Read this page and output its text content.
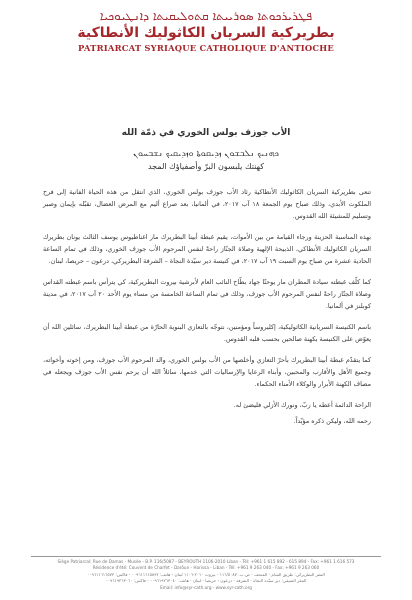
ܦܛܪܝܪܟܘܬܐ ܣܘܪܝܝܬܐ ܩܬܘܠܝܩܝܬܐ ܕܐܢܛܝܘܟܝܐ
بطريركية السريان الكاثوليك الأنطاكية
PATRIARCAT SYRIAQUE CATHOLIQUE D'ANTIOCHE
الأب جوزف بولس الخوري في ذمّة الله
ܟܗܢܝܟ ܢܠܒܫܘܢ ܙܕܝܩܘܬܐ ܘܙܕܝܩܝܟ ܢܫܒܚܘܢ
كهنتك يلبسون البرّ وأصفياؤك المجد

تنعى بطريركية السريان الكاثوليك الأنطاكية رئاد الأب جوزف بولس الخوري، الذي انتقل من هذه الحياة الفانية إلى فرح الملكوت الأبدي، وذلك صباح يوم الجمعة ١٨ آب ٢٠١٧، في ألمانيا، بعد صراع أليم مع المرض العضال، تقبّله بإيمان وصبر وتسليم للمشيئة الله القدوس.

بهذه المناسبة الحزينة ورجاء القيامة من بين الأموات، يقيم غبطة أبينا البطريرك مار اغناطيوس يوسف الثالث يونان بطريرك السريان الكاثوليك الأنطاكي، الذبيحة الإلهية وصلاة الجنّاز راحةً لنفس المرحوم الأب جوزف الخوري، وذلك في تمام الساعة الحادية عشرة من صباح يوم السبت ١٩ آب ٢٠١٧، في كنيسة دير سيّدة النجاة – الشرفة البطريركي، درعون – حريصا، لبنان.

كما كلّف غبطته سيادة المطران مار يوحنّا جهاد بطّاح النائب العام لأبرشية بيروت البطريركية، كي يترأس باسم غبطته القداس وصلاة الجنّاز راحةً لنفس المرحوم الأب جوزف، وذلك في تمام الساعة الخامسة من مساء يوم الأحد ٢٠ آب ٢٠١٧، في مدينة كوبلنز في ألمانيا.

باسم الكنيسة السريانية الكاثوليكية، إكليروساً ومؤمنين، نتوجّه بالتعازي البنوية الحارّة من غبطة أبينا البطريرك، سائلين الله أن يعوّض على الكنيسة بكهنة صالحين بحسب قلبه القدوس.

كما يتقدّم غبطة أبينا البطريرك بأحرّ التعازي وأخلصها من الأب بولس الخوري، والد المرحوم الأب جوزف، ومن إخوته وأخواته، وجميع الأهل والأقارب والمحبين، وأبناء الرعايا والإرساليات التي خدمها، سائلاً الله أن يرحم نفس الأب جوزف ويجعله في مصاف الكهنة الأبرار والوكلاء الأمناء الحكماء.

الراحة الدائمة أعطه يا ربّ، ونورك الأزلي فليضئ له.

رحمه الله، وليكن ذكره مؤبّداً.

Siège Patriarcal: Rue de Damas - Musée - B.P. 116/5087 - BEYROUTH 1106-2010 Liban - Tél: +961 1 615 892 - 615 894 - Fax: +961 1 616 573
Résidence d'été: Couvent de Charfet - Darôun - Harissa - Liban - Tél: +961 9 263 040 - Fax: +961 9 263 060
المقر البطريركي: طريق الشام - المتحف - ص.ب. ١١٦/٥٠٨٧ - بيروت ٢٠١٠-١١٠٦ لبنان - هاتف: ٠٠٩٦١١٦١٥٨٩٢ - فاكس: ٠٠٩٦١١٦١٦٥٧٣
المقر الصيفي: دير سيّدة النجاة - الشرفة - درعون - حريصا - لبنان - هاتف: ٠٠٩٦١٩٢٦٣٠٤٠ - فاكس: ٠٠٩٦١٩٢٦٣٠٦٠
Email: info@syr-cath.org - www.syr-cath.org
